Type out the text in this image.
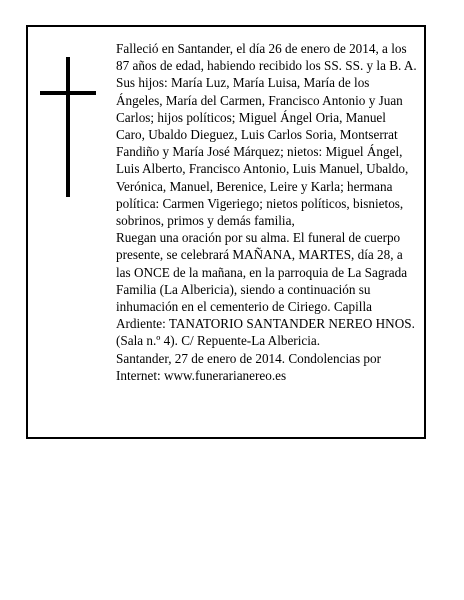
Falleció en Santander, el día 26 de enero de 2014, a los 87 años de edad, habiendo recibido los SS. SS. y la B. A.

Sus hijos: María Luz, María Luisa, María de los Ángeles, María del Carmen, Francisco Antonio y Juan Carlos; hijos políticos; Miguel Ángel Oria, Manuel Caro, Ubaldo Dieguez, Luis Carlos Soria, Montserrat Fandiño y María José Márquez; nietos: Miguel Ángel, Luis Alberto, Francisco Antonio, Luis Manuel, Ubaldo, Verónica, Manuel, Berenice, Leire y Karla; hermana política: Carmen Vigeriego; nietos políticos, bisnietos, sobrinos, primos y demás familia,

Ruegan una oración por su alma. El funeral de cuerpo presente, se celebrará MAÑANA, MARTES, día 28, a las ONCE de la mañana, en la parroquia de La Sagrada Familia (La Albericia), siendo a continuación su inhumación en el cementerio de Ciriego. Capilla Ardiente: TANATORIO SANTANDER NEREO HNOS. (Sala n.º 4). C/ Repuente-La Albericia.

Santander, 27 de enero de 2014. Condolencias por Internet: www.funerarianereo.es
